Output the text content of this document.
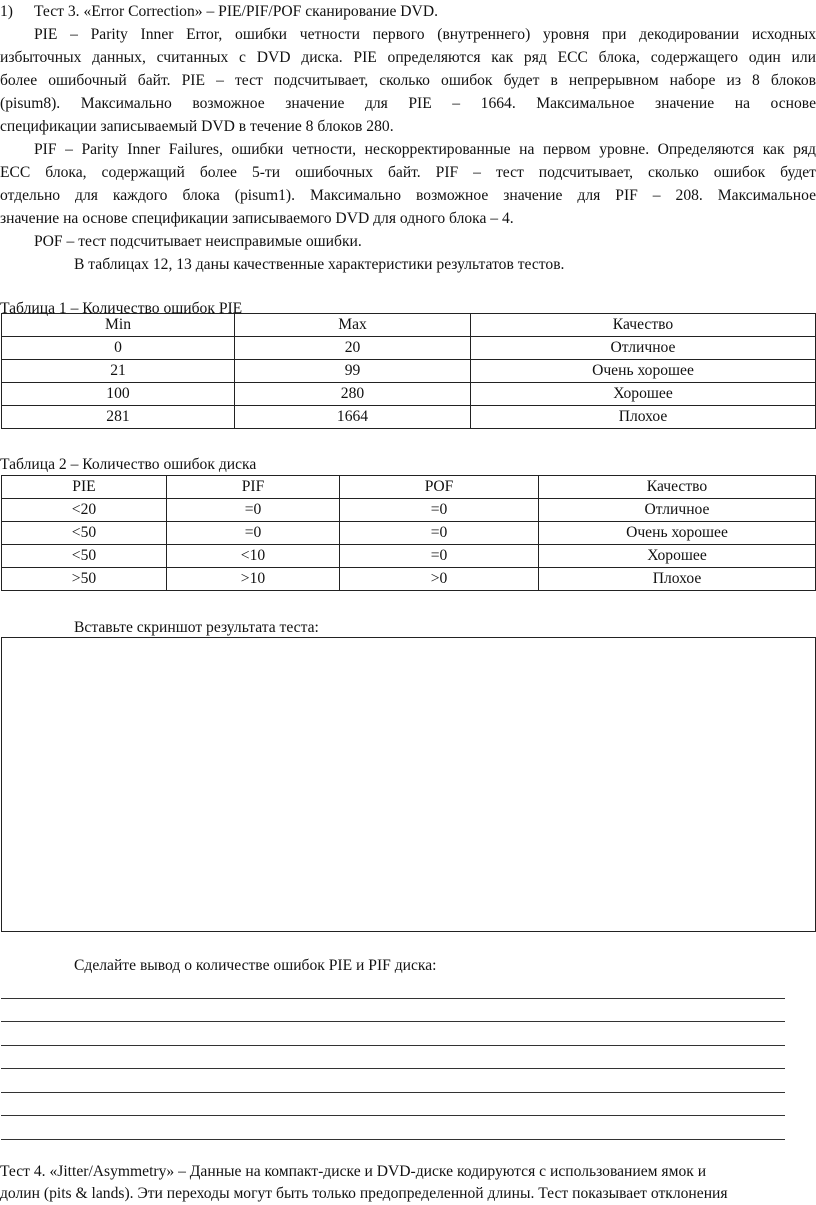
1) Тест 3. «Error Correction» – PIE/PIF/POF сканирование DVD.
PIE – Parity Inner Error, ошибки четности первого (внутреннего) уровня при декодировании исходных
избыточных данных, считанных с DVD диска. PIE определяются как ряд ECC блока, содержащего один или
более ошибочный байт. PIE – тест подсчитывает, сколько ошибок будет в непрерывном наборе из 8 блоков
(pisum8). Максимально возможное значение для PIE – 1664. Максимальное значение на основе
спецификации записываемый DVD в течение 8 блоков 280.
PIF – Parity Inner Failures, ошибки четности, нескорректированные на первом уровне. Определяются как ряд
ECC блока, содержащий более 5-ти ошибочных байт. PIF – тест подсчитывает, сколько ошибок будет
отдельно для каждого блока (pisum1). Максимально возможное значение для PIF – 208. Максимальное
значение на основе спецификации записываемого DVD для одного блока – 4.
POF – тест подсчитывает неисправимые ошибки.
В таблицах 12, 13 даны качественные характеристики результатов тестов.
Таблица 1 – Количество ошибок PIE
Min	Max	Качество
0	20	Отличное
21	99	Очень хорошее
100	280	Хорошее
281	1664	Плохое
Таблица 2 – Количество ошибок диска
PIE	PIF	POF	Качество
<20	=0	=0	Отличное
<50	=0	=0	Очень хорошее
<50	<10	=0	Хорошее
>50	>10	>0	Плохое
Вставьте скриншот результата теста:
Сделайте вывод о количестве ошибок PIE и PIF диска:
Тест 4. «Jitter/Asymmetry» – Данные на компакт-диске и DVD-диске кодируются с использованием ямок и
долин (pits & lands). Эти переходы могут быть только предопределенной длины. Тест показывает отклонения
